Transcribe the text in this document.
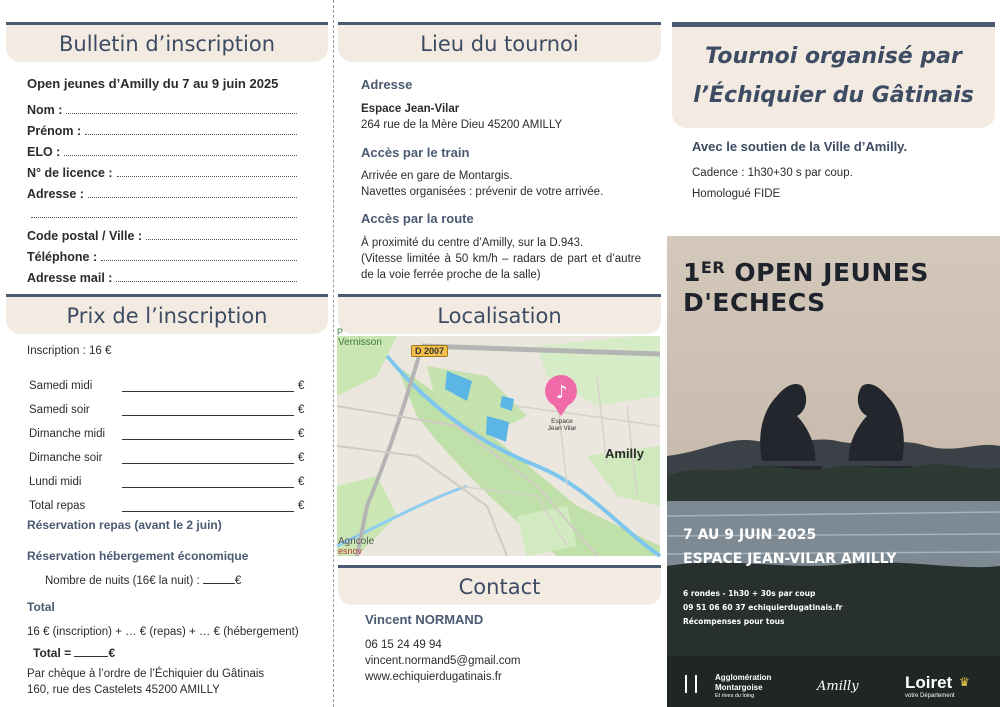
Bulletin d’inscription
Open jeunes d’Amilly du 7 au 9 juin 2025
Nom :
Prénom :
ELO :
N° de licence :
Adresse :
Code postal / Ville :
Téléphone :
Adresse mail :
Prix de l’inscription
Inscription : 16 €
Samedi midi	€
Samedi soir	€
Dimanche midi	€
Dimanche soir	€
Lundi midi	€
Total repas	€
Réservation repas (avant le 2 juin)
Réservation hébergement économique
Nombre de nuits (16€ la nuit) :	€
Total
16 € (inscription) + … € (repas) + … € (hébergement)
Total =	€
Par chèque à l’ordre de l’Échiquier du Gâtinais
160, rue des Castelets 45200 AMILLY
Lieu du tournoi
Adresse
Espace Jean-Vilar
264 rue de la Mère Dieu 45200 AMILLY
Accès par le train
Arrivée en gare de Montargis.
Navettes organisées : prévenir de votre arrivée.
Accès par la route
À proximité du centre d’Amilly, sur la D.943.
(Vitesse limitée à 50 km/h – radars de part et d’autre de la voie ferrée proche de la salle)
Localisation
♪
D 2007
Vernisson
P
Espace Jean Vilar
Amilly
Agricole
esnov
Contact
Vincent NORMAND
06 15 24 49 94
vincent.normand5@gmail.com
www.echiquierdugatinais.fr
Tournoi organisé par
l’Échiquier du Gâtinais
Avec le soutien de la Ville d’Amilly.
Cadence : 1h30+30 s par coup.
Homologué FIDE
1ER OPEN JEUNES
D'ECHECS
7 AU 9 JUIN 2025
ESPACE JEAN-VILAR AMILLY
6 rondes - 1h30 + 30s par coup
09 51 06 60 37 echiquierdugatinais.fr
Récompenses pour tous
Agglomération
Montargoise
Et rives du loing
Amilly	Loiret
votre Département
♛
